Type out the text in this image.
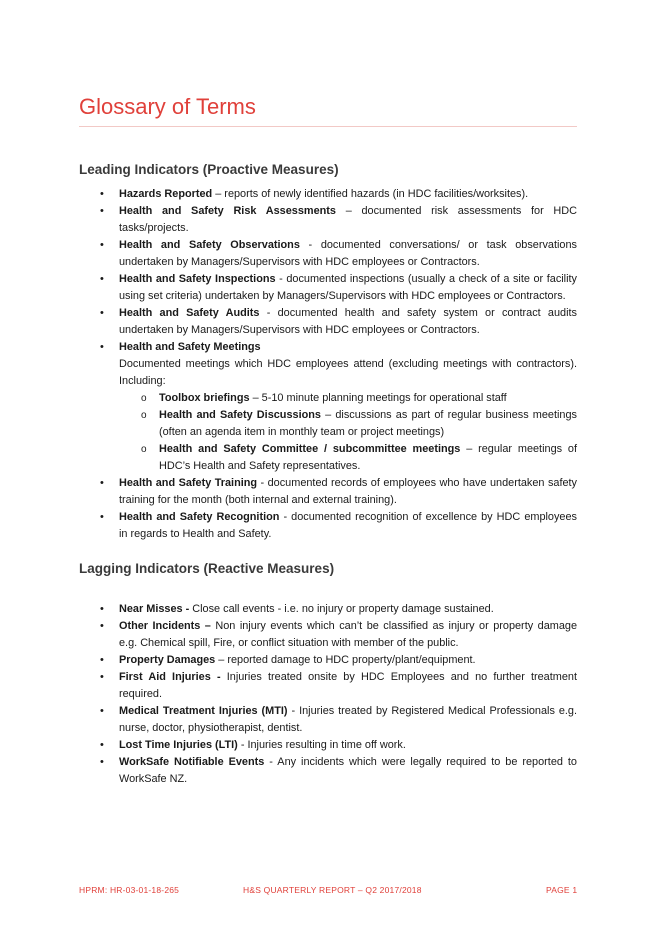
Glossary of Terms
Leading Indicators (Proactive Measures)
• Hazards Reported – reports of newly identified hazards (in HDC facilities/worksites).
• Health and Safety Risk Assessments – documented risk assessments for HDC tasks/projects.
• Health and Safety Observations - documented conversations/ or task observations undertaken by Managers/Supervisors with HDC employees or Contractors.
• Health and Safety Inspections - documented inspections (usually a check of a site or facility using set criteria) undertaken by Managers/Supervisors with HDC employees or Contractors.
• Health and Safety Audits - documented health and safety system or contract audits undertaken by Managers/Supervisors with HDC employees or Contractors.
• Health and Safety Meetings
Documented meetings which HDC employees attend (excluding meetings with contractors). Including:
o Toolbox briefings – 5-10 minute planning meetings for operational staff
o Health and Safety Discussions – discussions as part of regular business meetings (often an agenda item in monthly team or project meetings)
o Health and Safety Committee / subcommittee meetings – regular meetings of HDC’s Health and Safety representatives.
• Health and Safety Training - documented records of employees who have undertaken safety training for the month (both internal and external training).
• Health and Safety Recognition - documented recognition of excellence by HDC employees in regards to Health and Safety.
Lagging Indicators (Reactive Measures)
• Near Misses - Close call events - i.e. no injury or property damage sustained.
• Other Incidents – Non injury events which can’t be classified as injury or property damage e.g. Chemical spill, Fire, or conflict situation with member of the public.
• Property Damages – reported damage to HDC property/plant/equipment.
• First Aid Injuries - Injuries treated onsite by HDC Employees and no further treatment required.
• Medical Treatment Injuries (MTI) - Injuries treated by Registered Medical Professionals e.g. nurse, doctor, physiotherapist, dentist.
• Lost Time Injuries (LTI) - Injuries resulting in time off work.
• WorkSafe Notifiable Events - Any incidents which were legally required to be reported to WorkSafe NZ.
HPRM: HR-03-01-18-265	H&S QUARTERLY REPORT – Q2 2017/2018	PAGE 1
